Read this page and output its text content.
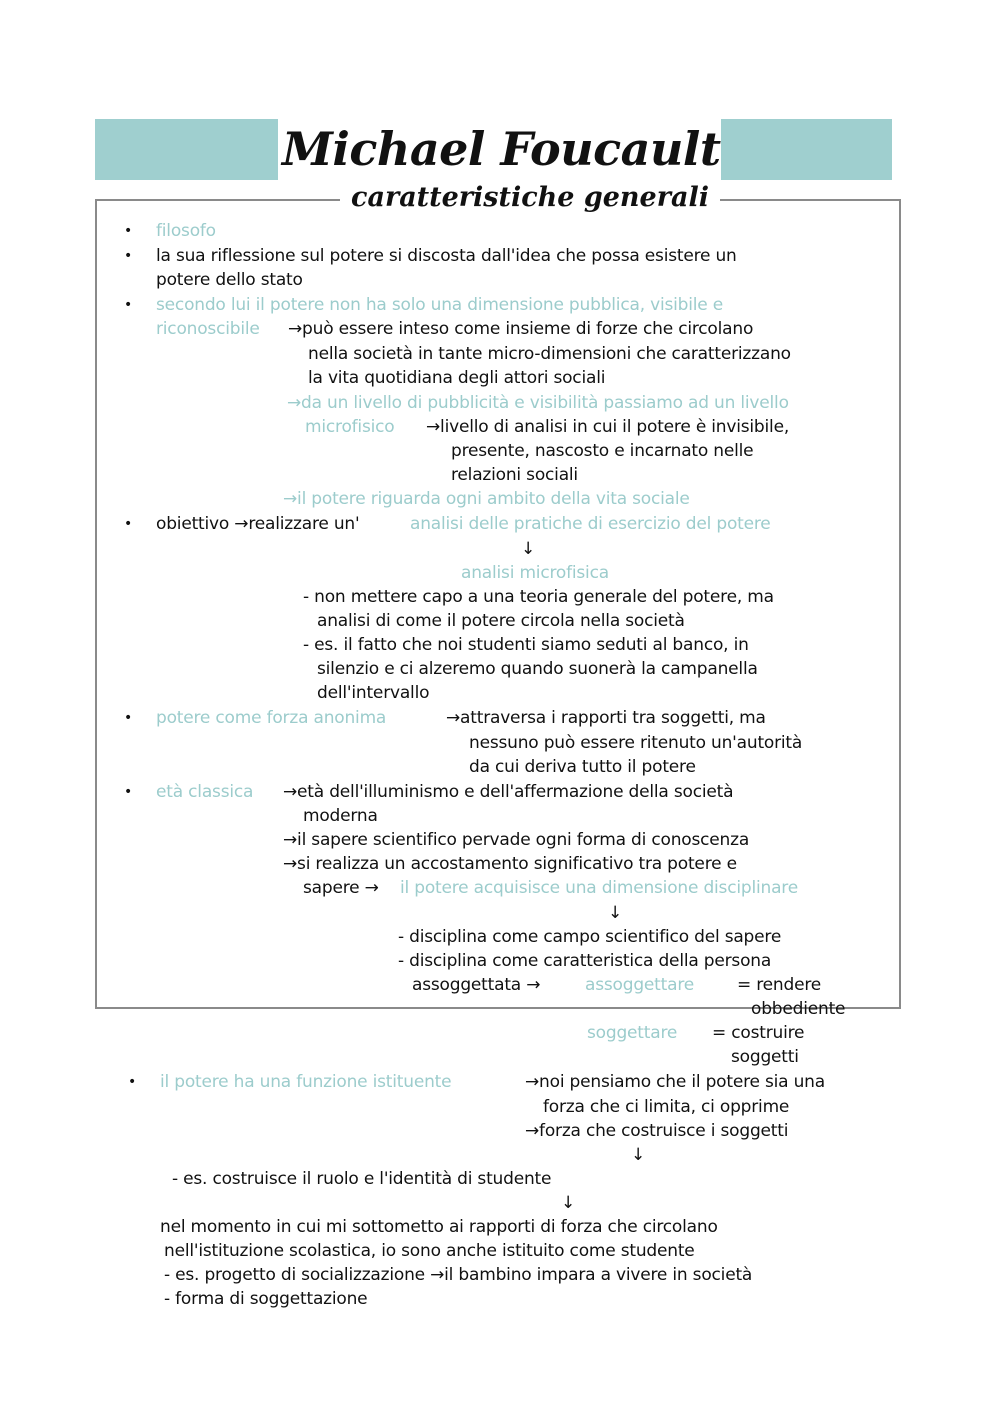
Michael Foucault
caratteristiche generali
•
•
•
•
•
•
•
filosofo
la sua riflessione sul potere si discosta dall'idea che possa esistere un
potere dello stato
secondo lui il potere non ha solo una dimensione pubblica, visibile e
riconoscibile →può essere inteso come insieme di forze che circolano
nella società in tante micro-dimensioni che caratterizzano
la vita quotidiana degli attori sociali
→da un livello di pubblicità e visibilità passiamo ad un livello
microfisico →livello di analisi in cui il potere è invisibile,
presente, nascosto e incarnato nelle
relazioni sociali
→il potere riguarda ogni ambito della vita sociale
obiettivo →realizzare un'	analisi delle pratiche di esercizio del potere
↓
analisi microfisica
- non mettere capo a una teoria generale del potere, ma
analisi di come il potere circola nella società
- es. il fatto che noi studenti siamo seduti al banco, in
silenzio e ci alzeremo quando suonerà la campanella
dell'intervallo
potere come forza anonima	→attraversa i rapporti tra soggetti, ma
nessuno può essere ritenuto un'autorità
da cui deriva tutto il potere
età classica →età dell'illuminismo e dell'affermazione della società
moderna
→il sapere scientifico pervade ogni forma di conoscenza
→si realizza un accostamento significativo tra potere e
sapere → il potere acquisisce una dimensione disciplinare
↓
- disciplina come campo scientifico del sapere
- disciplina come caratteristica della persona
assoggettata →	assoggettare	= rendere
obbediente
soggettare = costruire
soggetti
il potere ha una funzione istituente	→noi pensiamo che il potere sia una
forza che ci limita, ci opprime
→forza che costruisce i soggetti
↓
- es. costruisce il ruolo e l'identità di studente
↓
nel momento in cui mi sottometto ai rapporti di forza che circolano
nell'istituzione scolastica, io sono anche istituito come studente
- es. progetto di socializzazione →il bambino impara a vivere in società
- forma di soggettazione
